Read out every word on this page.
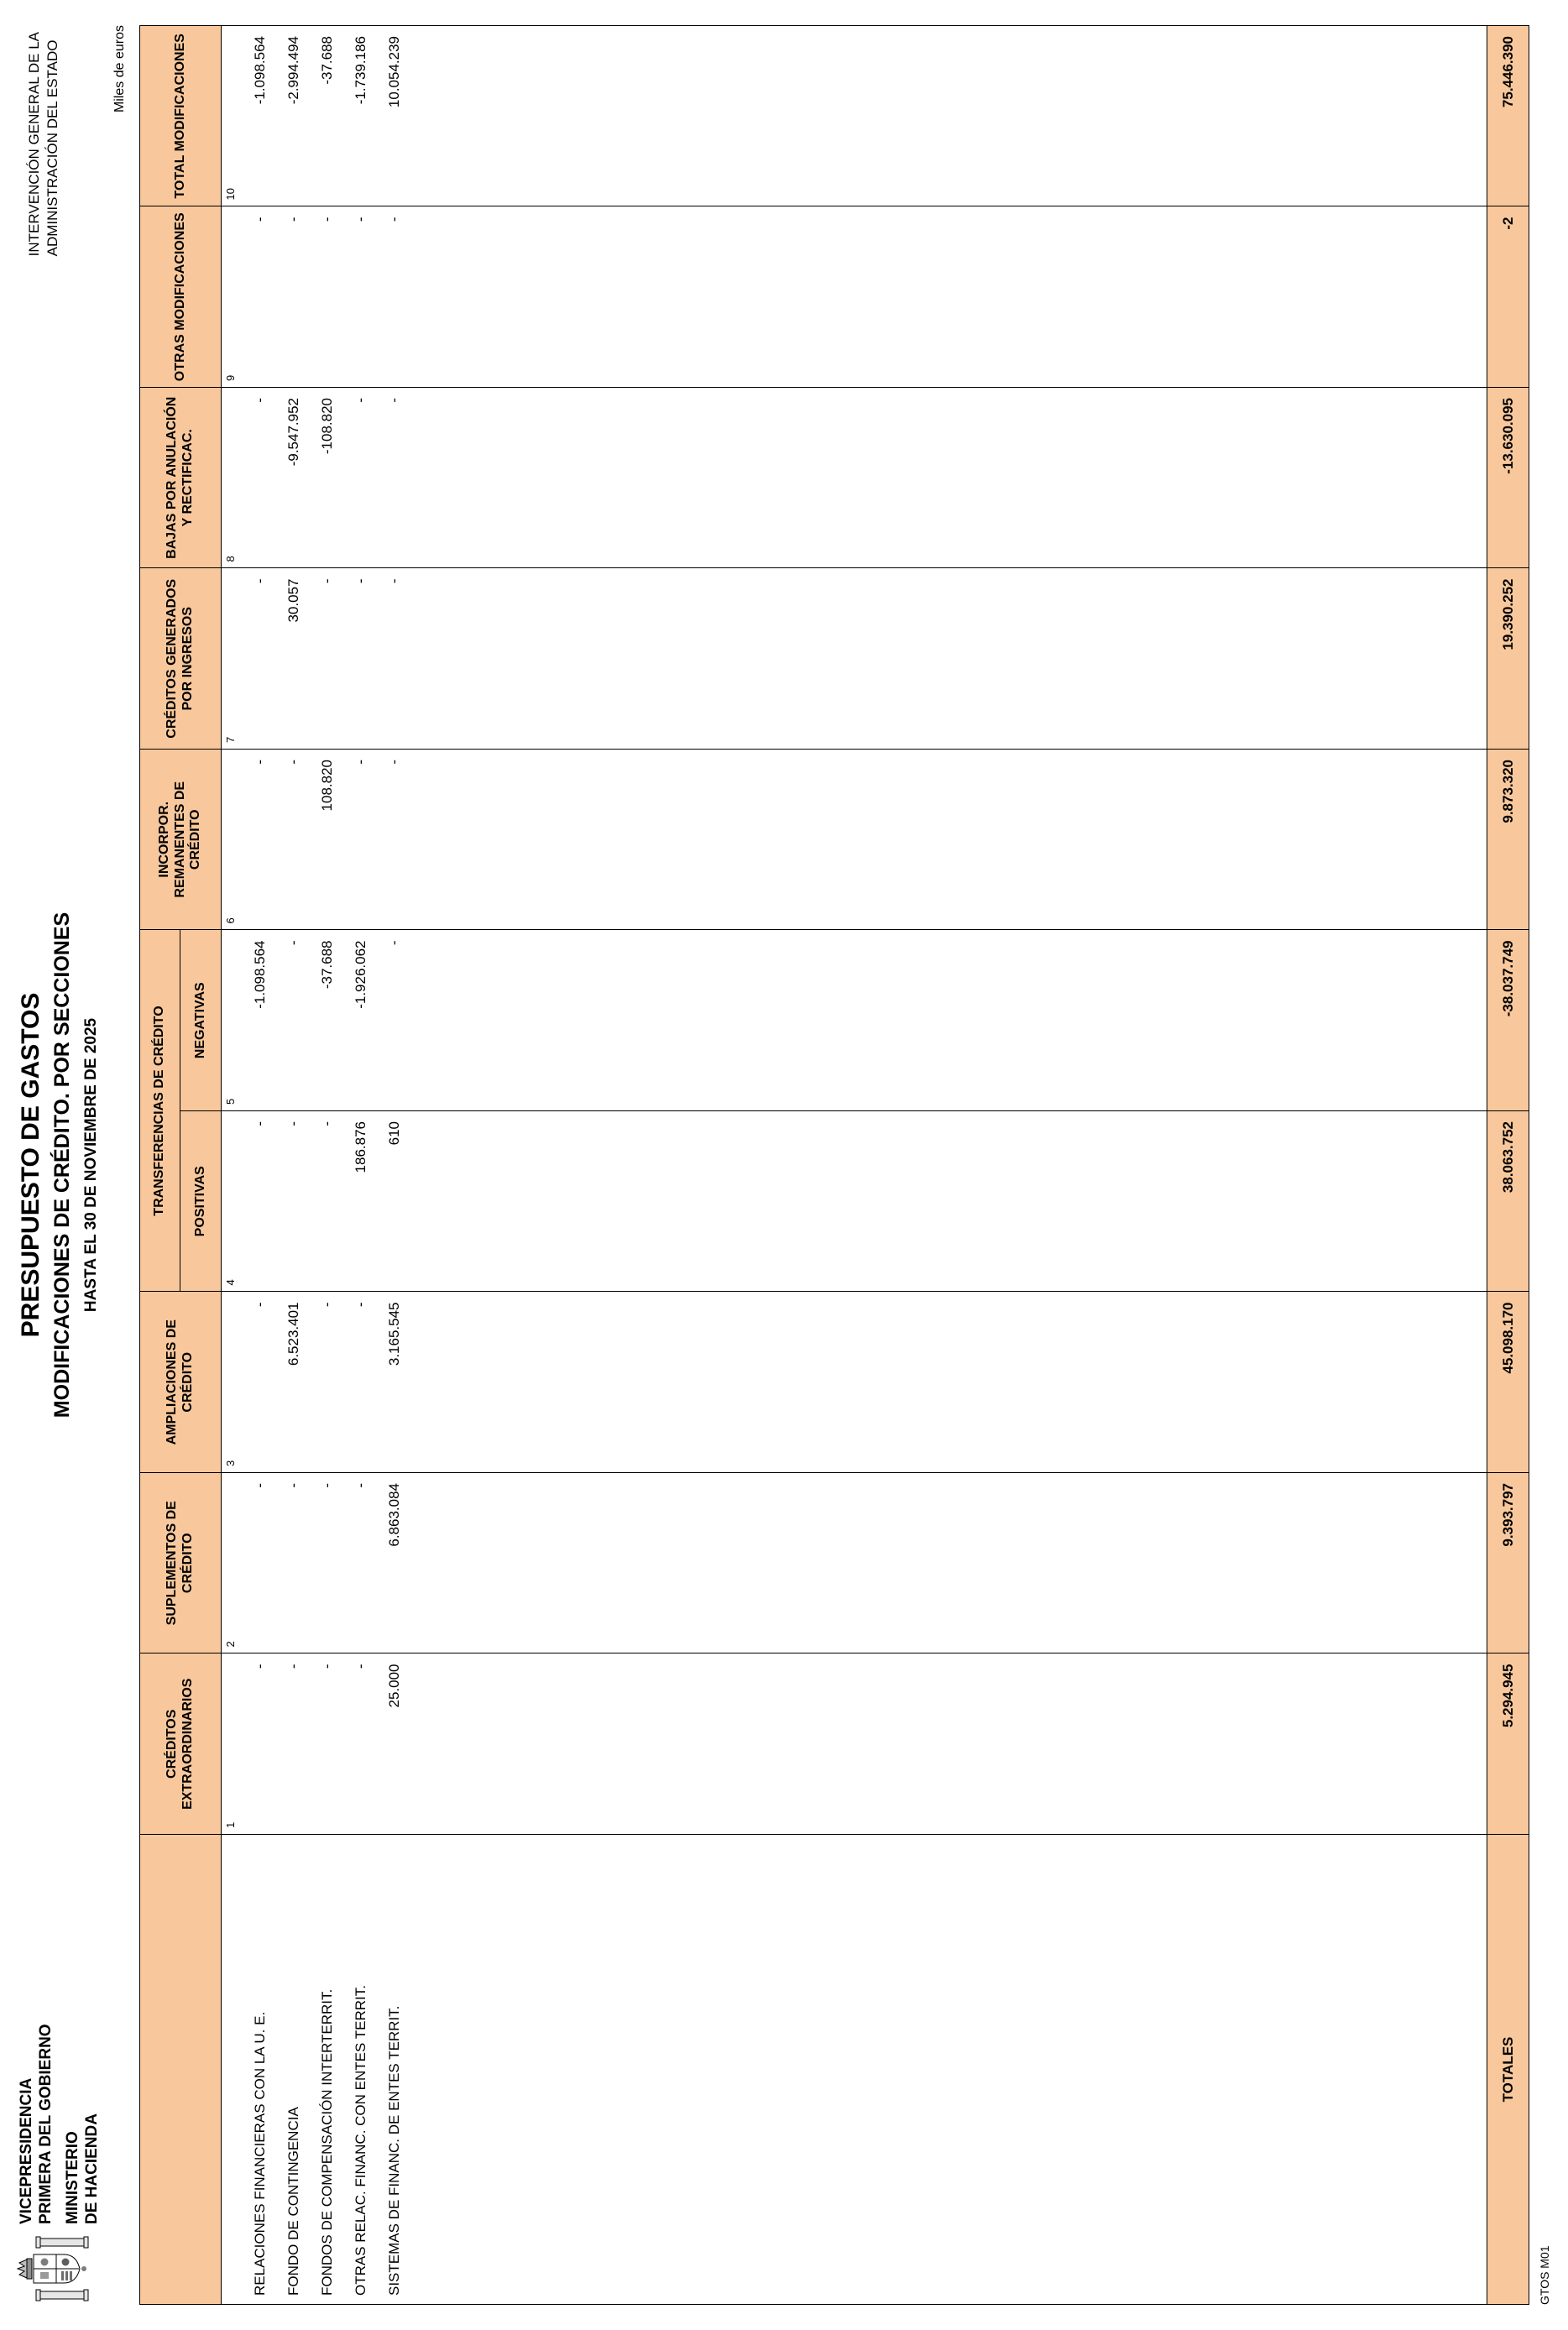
VICEPRESIDENCIA PRIMERA DEL GOBIERNO MINISTERIO DE HACIENDA
PRESUPUESTO DE GASTOS MODIFICACIONES DE CRÉDITO. POR SECCIONES HASTA EL 30 DE NOVIEMBRE DE 2025
INTERVENCIÓN GENERAL DE LA ADMINISTRACIÓN DEL ESTADO	Miles de euros
	CRÉDITOS EXTRAORDINARIOS	SUPLEMENTOS DE CRÉDITO	AMPLIACIONES DE CRÉDITO	TRANSFERENCIAS DE CRÉDITO		INCORPOR. REMANENTES DE CRÉDITO	CRÉDITOS GENERADOS POR INGRESOS	BAJAS POR ANULACIÓN Y RECTIFICAC.	OTRAS MODIFICACIONES	TOTAL MODIFICACIONES
				POSITIVAS	NEGATIVAS					
	1	2	3	4	5	6	7	8	9	10
RELACIONES FINANCIERAS CON LA U. E.	-	-	-	-	-1.098.564	-	-	-	-	-1.098.564
FONDO DE CONTINGENCIA	-	-	6.523.401	-	-	-	30.057	-9.547.952	-	-2.994.494
FONDOS DE COMPENSACIÓN INTERTERRIT.	-	-	-	-	-37.688	108.820	-	-108.820	-	-37.688
OTRAS RELAC. FINANC. CON ENTES TERRIT.	-	-	-	186.876	-1.926.062	-	-	-	-	-1.739.186
SISTEMAS DE FINANC. DE ENTES TERRIT.	25.000	6.863.084	3.165.545	610	-	-	-	-	-	10.054.239

TOTALES	5.294.945	9.393.797	45.098.170	38.063.752	-38.037.749	9.873.320	19.390.252	-13.630.095	-2	75.446.390
GTOS M01
